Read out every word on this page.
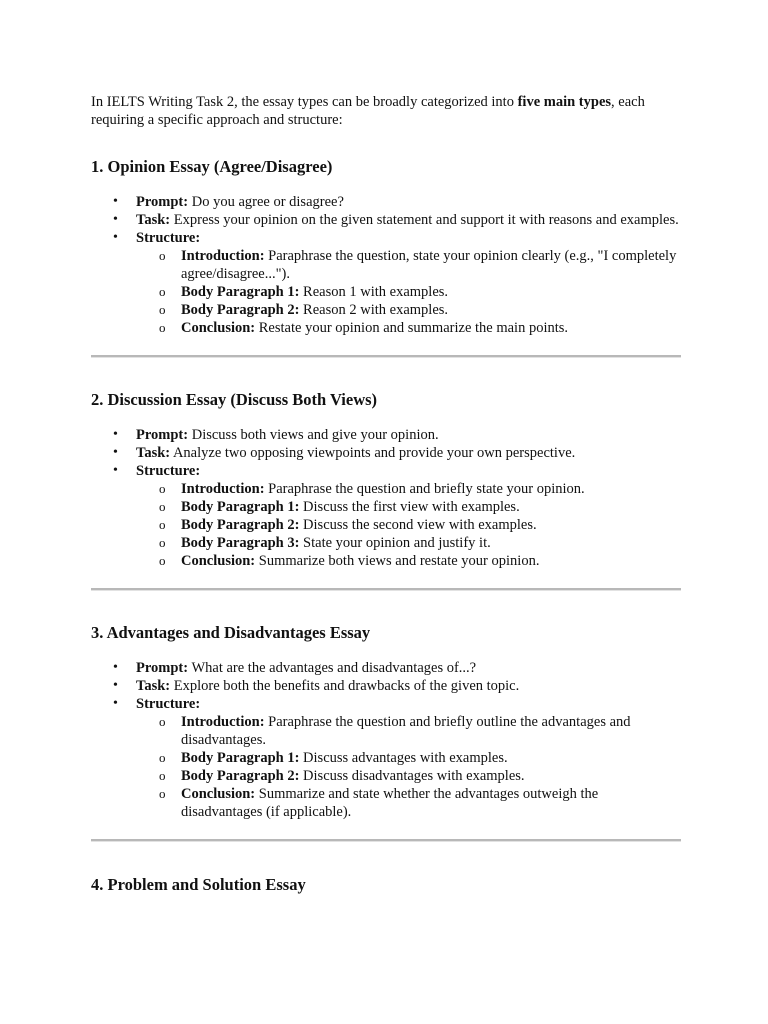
In IELTS Writing Task 2, the essay types can be broadly categorized into five main types, each requiring a specific approach and structure:

1. Opinion Essay (Agree/Disagree)
• Prompt: Do you agree or disagree?
• Task: Express your opinion on the given statement and support it with reasons and examples.
• Structure:
o Introduction: Paraphrase the question, state your opinion clearly (e.g., "I completely agree/disagree...").
o Body Paragraph 1: Reason 1 with examples.
o Body Paragraph 2: Reason 2 with examples.
o Conclusion: Restate your opinion and summarize the main points.
2. Discussion Essay (Discuss Both Views)
• Prompt: Discuss both views and give your opinion.
• Task: Analyze two opposing viewpoints and provide your own perspective.
• Structure:
o Introduction: Paraphrase the question and briefly state your opinion.
o Body Paragraph 1: Discuss the first view with examples.
o Body Paragraph 2: Discuss the second view with examples.
o Body Paragraph 3: State your opinion and justify it.
o Conclusion: Summarize both views and restate your opinion.
3. Advantages and Disadvantages Essay
• Prompt: What are the advantages and disadvantages of...?
• Task: Explore both the benefits and drawbacks of the given topic.
• Structure:
o Introduction: Paraphrase the question and briefly outline the advantages and disadvantages.
o Body Paragraph 1: Discuss advantages with examples.
o Body Paragraph 2: Discuss disadvantages with examples.
o Conclusion: Summarize and state whether the advantages outweigh the disadvantages (if applicable).
4. Problem and Solution Essay
